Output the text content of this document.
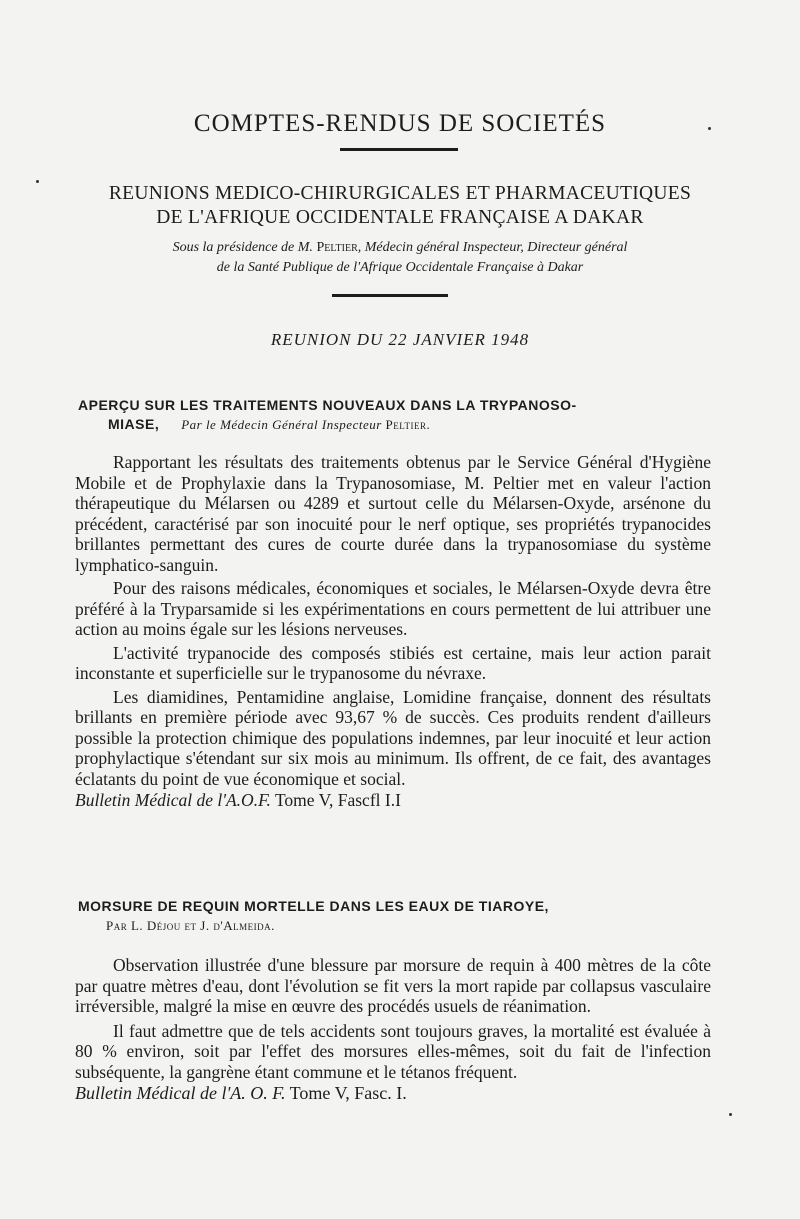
COMPTES-RENDUS DE SOCIETÉS
REUNIONS MEDICO-CHIRURGICALES ET PHARMACEUTIQUES
DE L'AFRIQUE OCCIDENTALE FRANÇAISE A DAKAR
Sous la présidence de M. Peltier, Médecin général Inspecteur, Directeur général
de la Santé Publique de l'Afrique Occidentale Française à Dakar
REUNION DU 22 JANVIER 1948
APERÇU SUR LES TRAITEMENTS NOUVEAUX DANS LA TRYPANOSO-
MIASE, Par le Médecin Général Inspecteur Peltier.

Rapportant les résultats des traitements obtenus par le Service Général d'Hygiène Mobile et de Prophylaxie dans la Trypanosomiase, M. Peltier met en valeur l'action thérapeutique du Mélarsen ou 4289 et surtout celle du Mélarsen-Oxyde, arsénone du précédent, caractérisé par son inocuité pour le nerf optique, ses propriétés trypanocides brillantes permettant des cures de courte durée dans la trypanosomiase du système lymphatico-sanguin.

Pour des raisons médicales, économiques et sociales, le Mélarsen-Oxyde devra être préféré à la Tryparsamide si les expérimentations en cours permettent de lui attribuer une action au moins égale sur les lésions nerveuses.

L'activité trypanocide des composés stibiés est certaine, mais leur action parait inconstante et superficielle sur le trypanosome du névraxe.

Les diamidines, Pentamidine anglaise, Lomidine française, donnent des résultats brillants en première période avec 93,67 % de succès. Ces produits rendent d'ailleurs possible la protection chimique des populations indemnes, par leur inocuité et leur action prophylactique s'étendant sur six mois au minimum. Ils offrent, de ce fait, des avantages éclatants du point de vue économique et social.

Bulletin Médical de l'A.O.F. Tome V, Fascfl I.I

MORSURE DE REQUIN MORTELLE DANS LES EAUX DE TIAROYE,
Par L. Déjou et J. d'Almeida.

Observation illustrée d'une blessure par morsure de requin à 400 mètres de la côte par quatre mètres d'eau, dont l'évolution se fit vers la mort rapide par collapsus vasculaire irréversible, malgré la mise en œuvre des procédés usuels de réanimation.

Il faut admettre que de tels accidents sont toujours graves, la mortalité est évaluée à 80 % environ, soit par l'effet des morsures elles-mêmes, soit du fait de l'infection subséquente, la gangrène étant commune et le tétanos fréquent.

Bulletin Médical de l'A. O. F. Tome V, Fasc. I.
